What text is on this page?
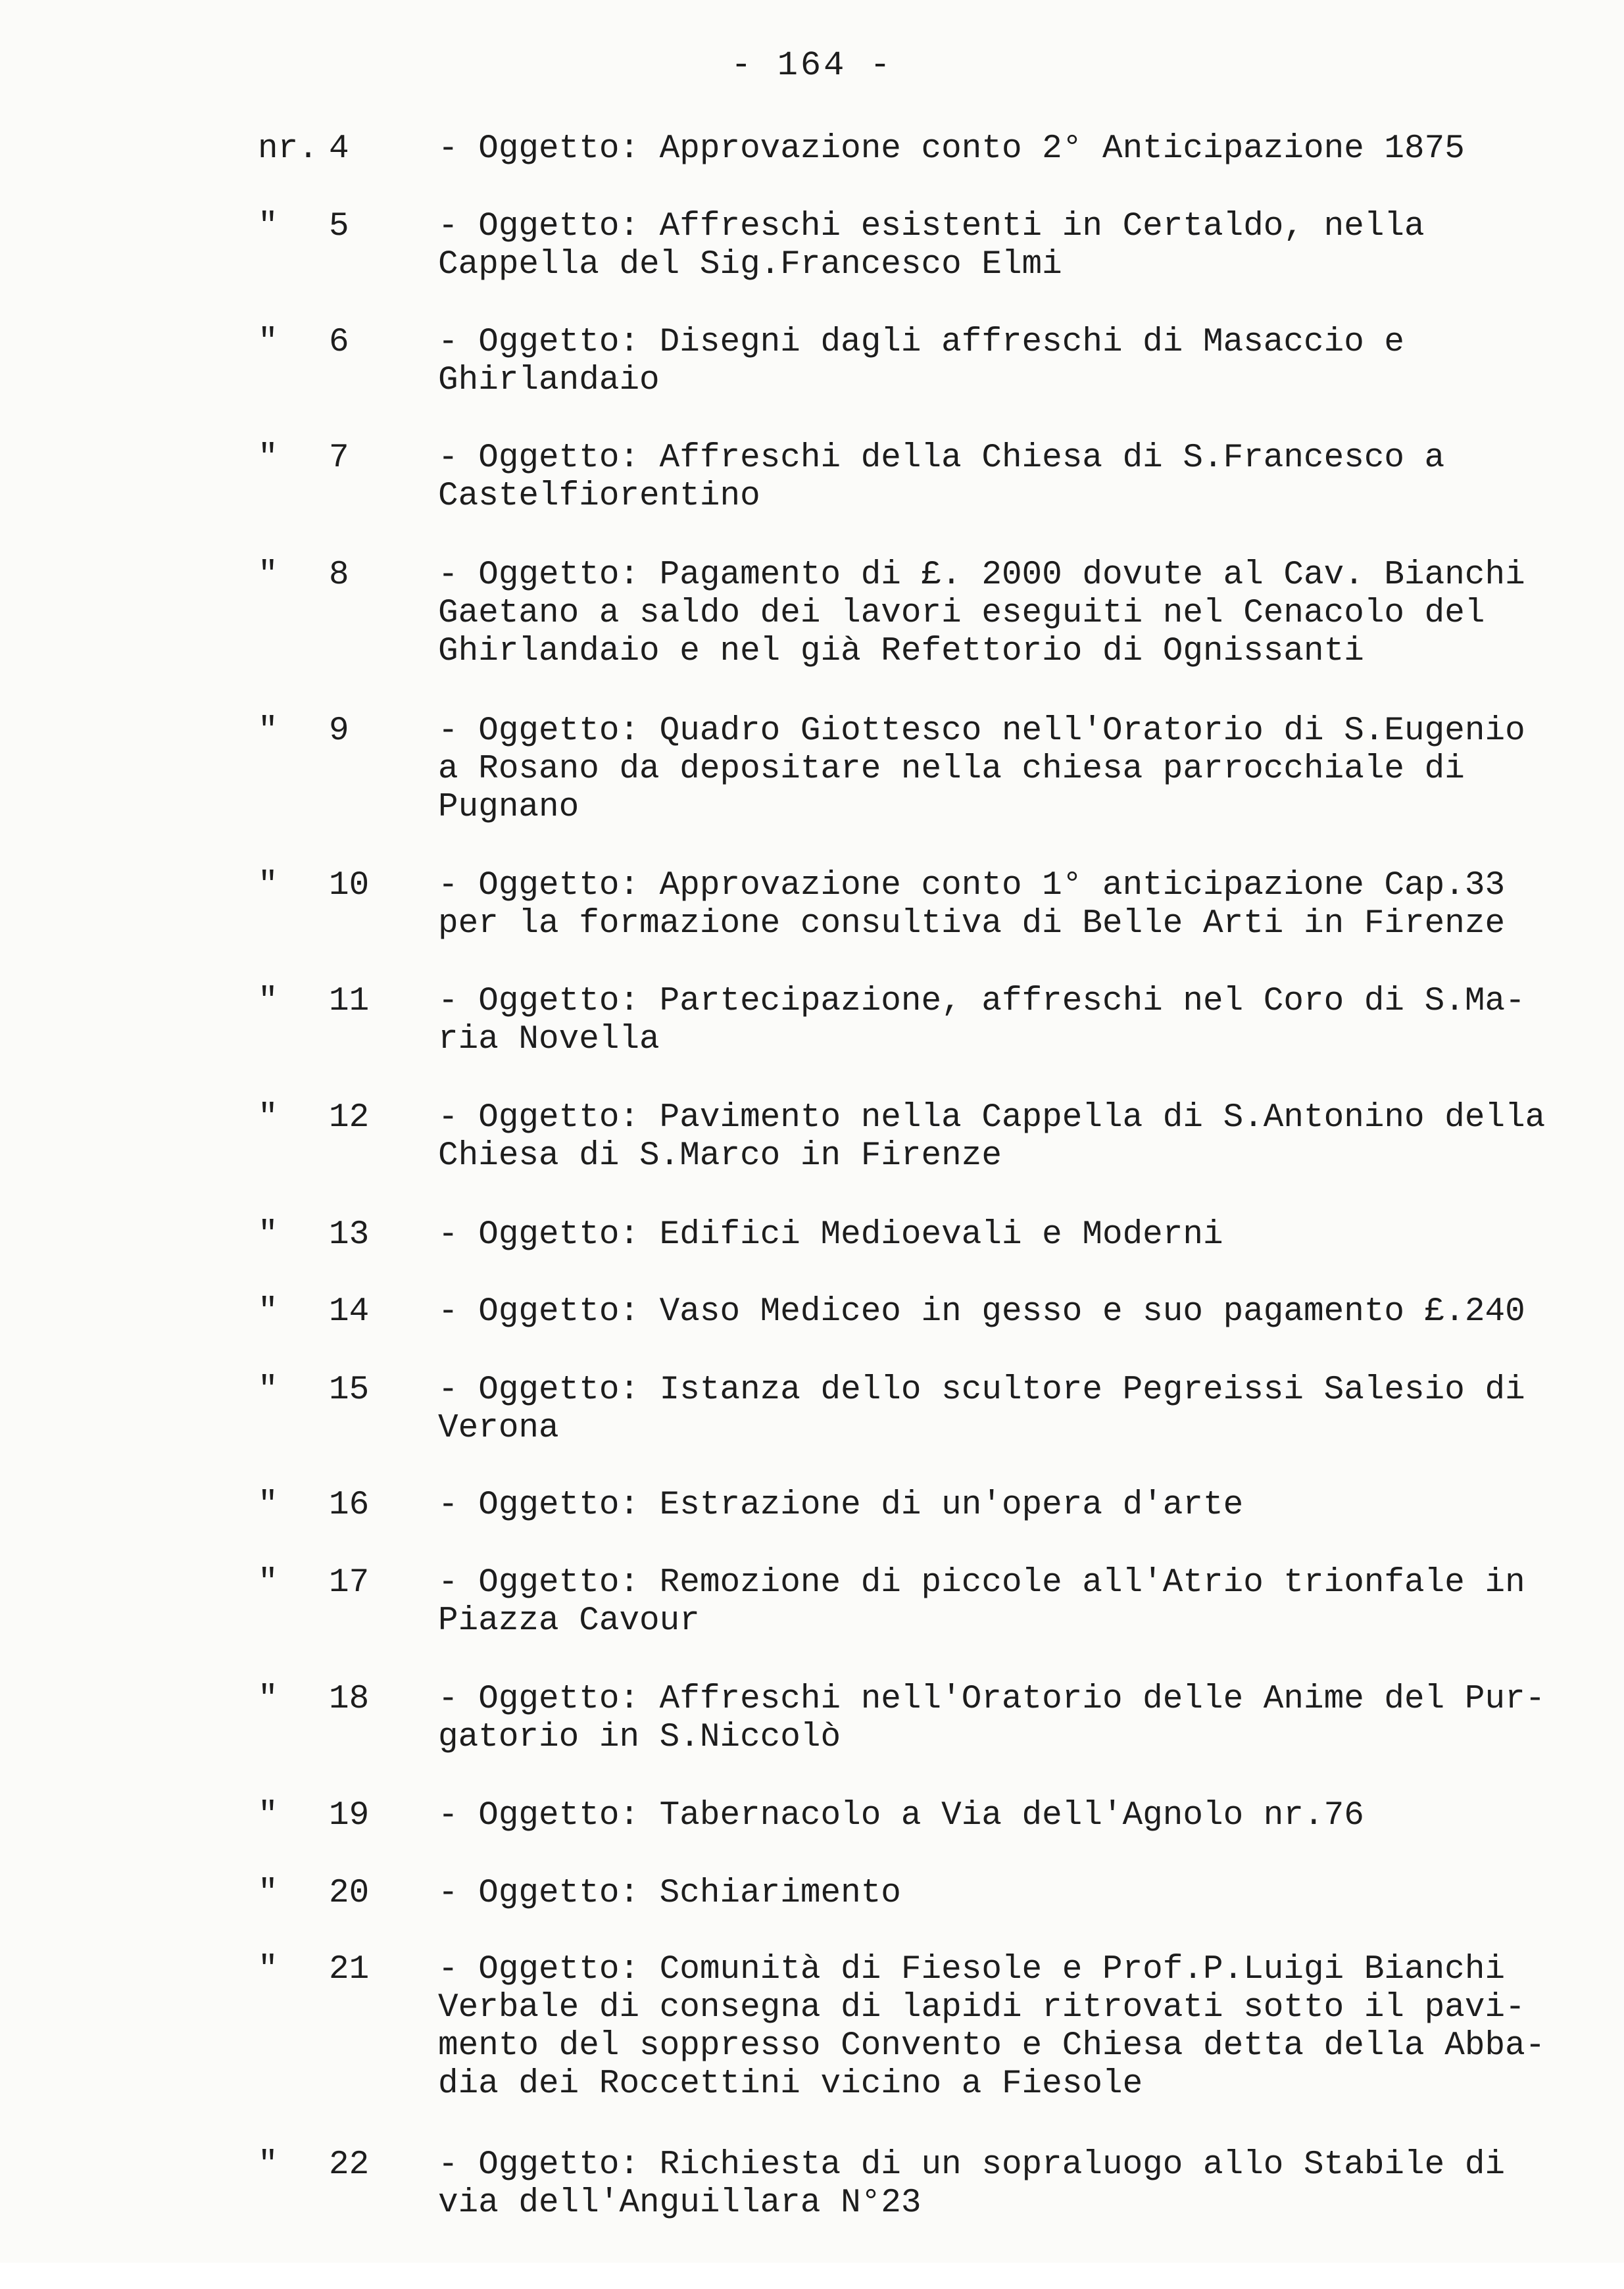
- 164 -
nr. 4	- Oggetto: Approvazione conto 2° Anticipazione 1875
"	5	- Oggetto: Affreschi esistenti in Certaldo, nella
Cappella del Sig.Francesco Elmi
"	6	- Oggetto: Disegni dagli affreschi di Masaccio e
Ghirlandaio
"	7	- Oggetto: Affreschi della Chiesa di S.Francesco a
Castelfiorentino
"	8	- Oggetto: Pagamento di £. 2000 dovute al Cav. Bianchi
Gaetano a saldo dei lavori eseguiti nel Cenacolo del
Ghirlandaio e nel già Refettorio di Ognissanti
"	9	- Oggetto: Quadro Giottesco nell'Oratorio di S.Eugenio
a Rosano da depositare nella chiesa parrocchiale di
Pugnano
"	10	- Oggetto: Approvazione conto 1° anticipazione Cap.33
per la formazione consultiva di Belle Arti in Firenze
"	11	- Oggetto: Partecipazione, affreschi nel Coro di S.Ma-
ria Novella
"	12	- Oggetto: Pavimento nella Cappella di S.Antonino della
Chiesa di S.Marco in Firenze
"	13	- Oggetto: Edifici Medioevali e Moderni
"	14	- Oggetto: Vaso Mediceo in gesso e suo pagamento £.240
"	15	- Oggetto: Istanza dello scultore Pegreissi Salesio di
Verona
"	16	- Oggetto: Estrazione di un'opera d'arte
"	17	- Oggetto: Remozione di piccole all'Atrio trionfale in
Piazza Cavour
"	18	- Oggetto: Affreschi nell'Oratorio delle Anime del Pur-
gatorio in S.Niccolò
"	19	- Oggetto: Tabernacolo a Via dell'Agnolo nr.76
"	20	- Oggetto: Schiarimento
"	21	- Oggetto: Comunità di Fiesole e Prof.P.Luigi Bianchi
Verbale di consegna di lapidi ritrovati sotto il pavi-
mento del soppresso Convento e Chiesa detta della Abba-
dia dei Roccettini vicino a Fiesole
"	22	- Oggetto: Richiesta di un sopraluogo allo Stabile di
via dell'Anguillara N°23
